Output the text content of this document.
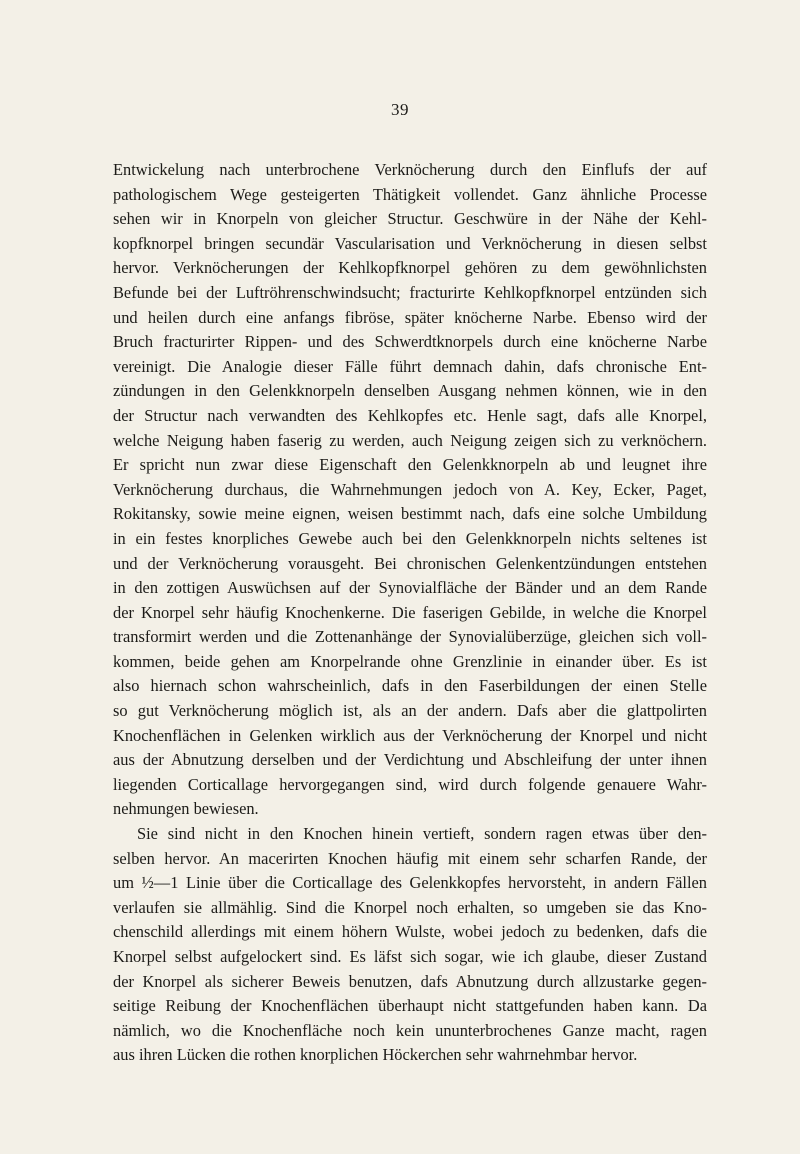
39
Entwickelung nach unterbrochene Verknöcherung durch den Einflufs der auf
pathologischem Wege gesteigerten Thätigkeit vollendet. Ganz ähnliche Processe
sehen wir in Knorpeln von gleicher Structur. Geschwüre in der Nähe der Kehl-
kopfknorpel bringen secundär Vascularisation und Verknöcherung in diesen selbst
hervor. Verknöcherungen der Kehlkopfknorpel gehören zu dem gewöhnlichsten
Befunde bei der Luftröhrenschwindsucht; fracturirte Kehlkopfknorpel entzünden sich
und heilen durch eine anfangs fibröse, später knöcherne Narbe. Ebenso wird der
Bruch fracturirter Rippen- und des Schwerdtknorpels durch eine knöcherne Narbe
vereinigt. Die Analogie dieser Fälle führt demnach dahin, dafs chronische Ent-
zündungen in den Gelenkknorpeln denselben Ausgang nehmen können, wie in den
der Structur nach verwandten des Kehlkopfes etc. Henle sagt, dafs alle Knorpel,
welche Neigung haben faserig zu werden, auch Neigung zeigen sich zu verknöchern.
Er spricht nun zwar diese Eigenschaft den Gelenkknorpeln ab und leugnet ihre
Verknöcherung durchaus, die Wahrnehmungen jedoch von A. Key, Ecker, Paget,
Rokitansky, sowie meine eignen, weisen bestimmt nach, dafs eine solche Umbildung
in ein festes knorpliches Gewebe auch bei den Gelenkknorpeln nichts seltenes ist
und der Verknöcherung vorausgeht. Bei chronischen Gelenkentzündungen entstehen
in den zottigen Auswüchsen auf der Synovialfläche der Bänder und an dem Rande
der Knorpel sehr häufig Knochenkerne. Die faserigen Gebilde, in welche die Knorpel
transformirt werden und die Zottenanhänge der Synovialüberzüge, gleichen sich voll-
kommen, beide gehen am Knorpelrande ohne Grenzlinie in einander über. Es ist
also hiernach schon wahrscheinlich, dafs in den Faserbildungen der einen Stelle
so gut Verknöcherung möglich ist, als an der andern. Dafs aber die glattpolirten
Knochenflächen in Gelenken wirklich aus der Verknöcherung der Knorpel und nicht
aus der Abnutzung derselben und der Verdichtung und Abschleifung der unter ihnen
liegenden Corticallage hervorgegangen sind, wird durch folgende genauere Wahr-
nehmungen bewiesen.
Sie sind nicht in den Knochen hinein vertieft, sondern ragen etwas über den-
selben hervor. An macerirten Knochen häufig mit einem sehr scharfen Rande, der
um ½—1 Linie über die Corticallage des Gelenkkopfes hervorsteht, in andern Fällen
verlaufen sie allmählig. Sind die Knorpel noch erhalten, so umgeben sie das Kno-
chenschild allerdings mit einem höhern Wulste, wobei jedoch zu bedenken, dafs die
Knorpel selbst aufgelockert sind. Es läfst sich sogar, wie ich glaube, dieser Zustand
der Knorpel als sicherer Beweis benutzen, dafs Abnutzung durch allzustarke gegen-
seitige Reibung der Knochenflächen überhaupt nicht stattgefunden haben kann. Da
nämlich, wo die Knochenfläche noch kein ununterbrochenes Ganze macht, ragen
aus ihren Lücken die rothen knorplichen Höckerchen sehr wahrnehmbar hervor.
